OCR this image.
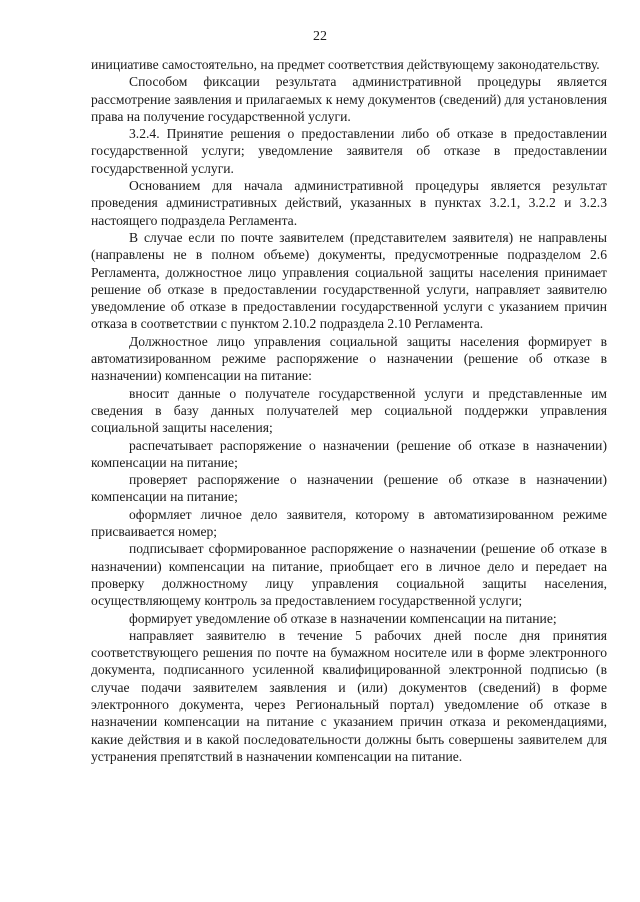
22

инициативе самостоятельно, на предмет соответствия действующему законодательству.

Способом фиксации результата административной процедуры является рассмотрение заявления и прилагаемых к нему документов (сведений) для установления права на получение государственной услуги.

3.2.4. Принятие решения о предоставлении либо об отказе в предоставлении государственной услуги; уведомление заявителя об отказе в предоставлении государственной услуги.

Основанием для начала административной процедуры является результат проведения административных действий, указанных в пунктах 3.2.1, 3.2.2 и 3.2.3 настоящего подраздела Регламента.

В случае если по почте заявителем (представителем заявителя) не направлены (направлены не в полном объеме) документы, предусмотренные подразделом 2.6 Регламента, должностное лицо управления социальной защиты населения принимает решение об отказе в предоставлении государственной услуги, направляет заявителю уведомление об отказе в предоставлении государственной услуги с указанием причин отказа в соответствии с пунктом 2.10.2 подраздела 2.10 Регламента.

Должностное лицо управления социальной защиты населения формирует в автоматизированном режиме распоряжение о назначении (решение об отказе в назначении) компенсации на питание:

вносит данные о получателе государственной услуги и представленные им сведения в базу данных получателей мер социальной поддержки управления социальной защиты населения;

распечатывает распоряжение о назначении (решение об отказе в назначении) компенсации на питание;

проверяет распоряжение о назначении (решение об отказе в назначении) компенсации на питание;

оформляет личное дело заявителя, которому в автоматизированном режиме присваивается номер;

подписывает сформированное распоряжение о назначении (решение об отказе в назначении) компенсации на питание, приобщает его в личное дело и передает на проверку должностному лицу управления социальной защиты населения, осуществляющему контроль за предоставлением государственной услуги;

формирует уведомление об отказе в назначении компенсации на питание;

направляет заявителю в течение 5 рабочих дней после дня принятия соответствующего решения по почте на бумажном носителе или в форме электронного документа, подписанного усиленной квалифицированной электронной подписью (в случае подачи заявителем заявления и (или) документов (сведений) в форме электронного документа, через Региональный портал) уведомление об отказе в назначении компенсации на питание с указанием причин отказа и рекомендациями, какие действия и в какой последовательности должны быть совершены заявителем для устранения препятствий в назначении компенсации на питание.
